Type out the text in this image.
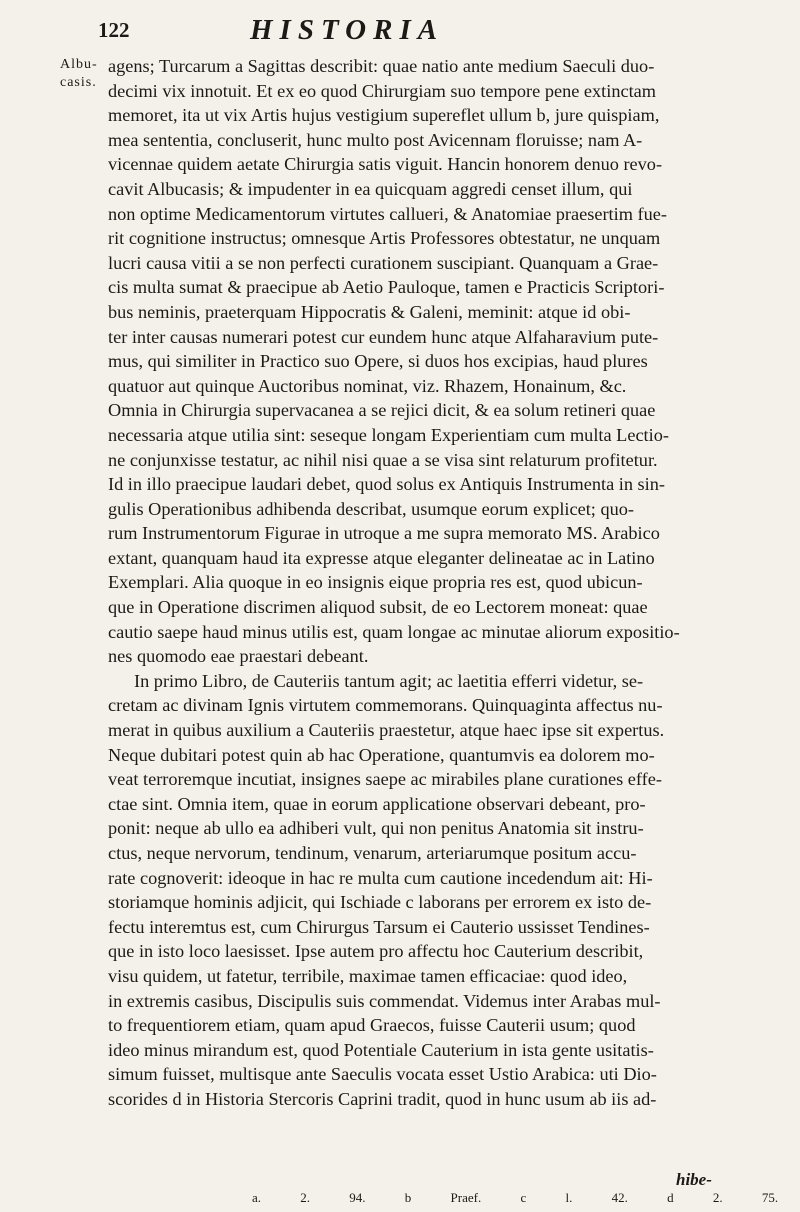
122	HISTORIA
Albu-
casis.
agens; Turcarum a Sagittas describit: quae natio ante medium Saeculi duo-
decimi vix innotuit. Et ex eo quod Chirurgiam suo tempore pene extinctam
memoret, ita ut vix Artis hujus vestigium supereflet ullum b, jure quispiam,
mea sententia, concluserit, hunc multo post Avicennam floruisse; nam A-
vicennae quidem aetate Chirurgia satis viguit. Hancin honorem denuo revo-
cavit Albucasis; & impudenter in ea quicquam aggredi censet illum, qui
non optime Medicamentorum virtutes callueri, & Anatomiae praesertim fue-
rit cognitione instructus; omnesque Artis Professores obtestatur, ne unquam
lucri causa vitii a se non perfecti curationem suscipiant. Quanquam a Grae-
cis multa sumat & praecipue ab Aetio Pauloque, tamen e Practicis Scriptori-
bus neminis, praeterquam Hippocratis & Galeni, meminit: atque id obi-
ter inter causas numerari potest cur eundem hunc atque Alfaharavium pute-
mus, qui similiter in Practico suo Opere, si duos hos excipias, haud plures
quatuor aut quinque Auctoribus nominat, viz. Rhazem, Honainum, &c.
Omnia in Chirurgia supervacanea a se rejici dicit, & ea solum retineri quae
necessaria atque utilia sint: seseque longam Experientiam cum multa Lectio-
ne conjunxisse testatur, ac nihil nisi quae a se visa sint relaturum profitetur.
Id in illo praecipue laudari debet, quod solus ex Antiquis Instrumenta in sin-
gulis Operationibus adhibenda describat, usumque eorum explicet; quo-
rum Instrumentorum Figurae in utroque a me supra memorato MS. Arabico
extant, quanquam haud ita expresse atque eleganter delineatae ac in Latino
Exemplari. Alia quoque in eo insignis eique propria res est, quod ubicun-
que in Operatione discrimen aliquod subsit, de eo Lectorem moneat: quae
cautio saepe haud minus utilis est, quam longae ac minutae aliorum expositio-
nes quomodo eae praestari debeant.
In primo Libro, de Cauteriis tantum agit; ac laetitia efferri videtur, se-
cretam ac divinam Ignis virtutem commemorans. Quinquaginta affectus nu-
merat in quibus auxilium a Cauteriis praestetur, atque haec ipse sit expertus.
Neque dubitari potest quin ab hac Operatione, quantumvis ea dolorem mo-
veat terroremque incutiat, insignes saepe ac mirabiles plane curationes effe-
ctae sint. Omnia item, quae in eorum applicatione observari debeant, pro-
ponit: neque ab ullo ea adhiberi vult, qui non penitus Anatomia sit instru-
ctus, neque nervorum, tendinum, venarum, arteriarumque positum accu-
rate cognoverit: ideoque in hac re multa cum cautione incedendum ait: Hi-
storiamque hominis adjicit, qui Ischiade c laborans per errorem ex isto de-
fectu interemtus est, cum Chirurgus Tarsum ei Cauterio ussisset Tendines-
que in isto loco laesisset. Ipse autem pro affectu hoc Cauterium describit,
visu quidem, ut fatetur, terribile, maximae tamen efficaciae: quod ideo,
in extremis casibus, Discipulis suis commendat. Videmus inter Arabas mul-
to frequentiorem etiam, quam apud Graecos, fuisse Cauterii usum; quod
ideo minus mirandum est, quod Potentiale Cauterium in ista gente usitatis-
simum fuisset, multisque ante Saeculis vocata esset Ustio Arabica: uti Dio-
scorides d in Historia Stercoris Caprini tradit, quod in hunc usum ab iis ad-
hibe-
a. 2. 94.	b Praef.	c l. 42.	d 2. 75.
